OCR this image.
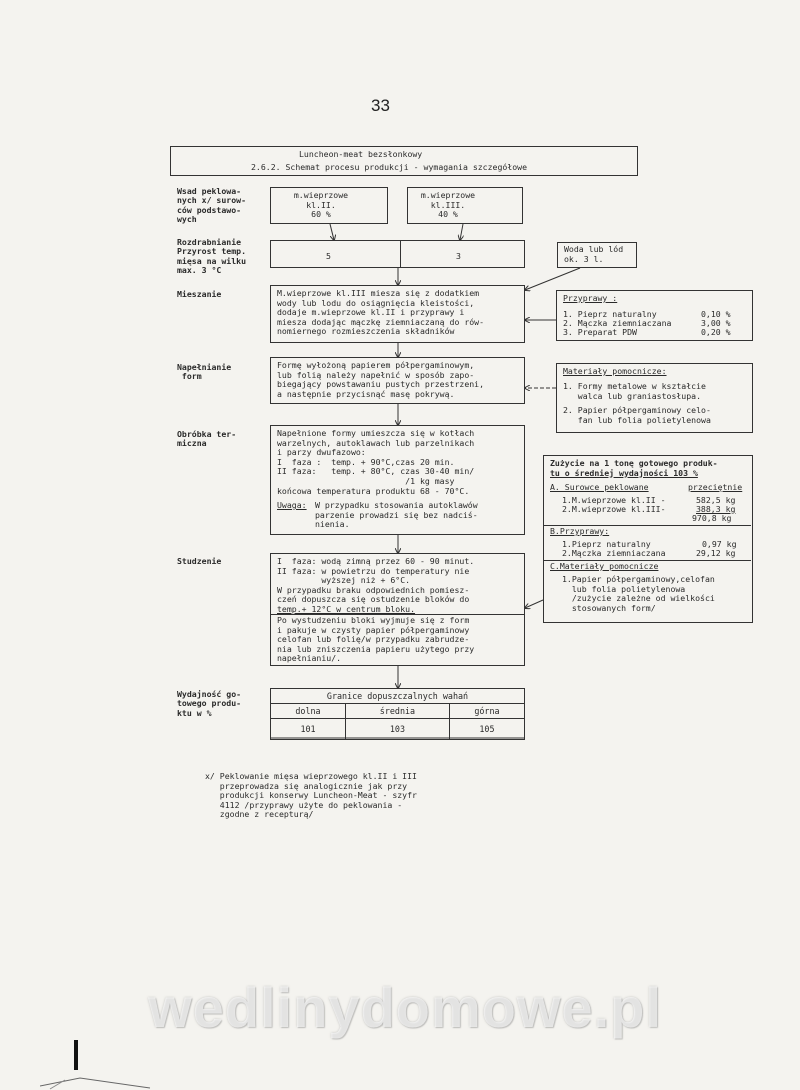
33
Luncheon-meat bezsłonkowy
2.6.2. Schemat procesu produkcji - wymagania szczegółowe
Wsad peklowa-
nych x/ surow-
ców podstawo-
wych
Rozdrabnianie
Przyrost temp.
mięsa na wilku
max. 3 °C
Mieszanie
Napełnianie
form
Obróbka ter-
miczna
Studzenie
Wydajność go-
towego produ-
ktu w %
m.wieprzowe
kl.II.
60 %
m.wieprzowe
kl.III.
40 %
5	3
Woda lub lód
ok. 3 l.
M.wieprzowe kl.III miesza się z dodatkiem
wody lub lodu do osiągnięcia kleistości,
dodaje m.wieprzowe kl.II i przyprawy i
miesza dodając mączkę ziemniaczaną do rów-
nomiernego rozmieszczenia składników
Przyprawy :
1. Pieprz naturalny	0,10 %
2. Mączka ziemniaczana	3,00 %
3. Preparat PDW	0,20 %
Formę wyłożoną papierem półpergaminowym,
lub folią należy napełnić w sposób zapo-
biegający powstawaniu pustych przestrzeni,
a następnie przycisnąć masę pokrywą.
Materiały pomocnicze:
1. Formy metalowe w kształcie
walca lub graniastosłupa.
2. Papier półpergaminowy celo-
fan lub folia polietylenowa
Napełnione formy umieszcza się w kotłach
warzelnych, autoklawach lub parzelnikach
i parzy dwufazowo:
I  faza :  temp. + 90°C,czas 20 min.
II faza:   temp. + 80°C, czas 30-40 min/
/1 kg masy
końcowa temperatura produktu 68 - 70°C.
Uwaga: W przypadku stosowania autoklawów
parzenie prowadzi się bez nadciś-
nienia.
Zużycie na 1 tonę gotowego produk-
tu o średniej wydajności 103 %
A. Surowce peklowane	przeciętnie
1.M.wieprzowe kl.II -	582,5 kg
2.M.wieprzowe kl.III-	388,3 kg
970,8 kg
B.Przyprawy:
1.Pieprz naturalny	0,97 kg
2.Mączka ziemniaczana	29,12 kg
C.Materiały pomocnicze
1.Papier półpergaminowy,celofan
lub folia polietylenowa
/zużycie zależne od wielkości
stosowanych form/
I  faza: wodą zimną przez 60 - 90 minut.
II faza: w powietrzu do temperatury nie
wyższej niż + 6°C.
W przypadku braku odpowiednich pomiesz-
czeń dopuszcza się ostudzenie bloków do
temp.+ 12°C w centrum bloku.
Po wystudzeniu bloki wyjmuje się z form
i pakuje w czysty papier półpergaminowy
celofan lub folię/w przypadku zabrudze-
nia lub zniszczenia papieru użytego przy
napełnianiu/.
Granice dopuszczalnych wahań		
dolna	średnia	górna
101	103	105
x/ Peklowanie mięsa wieprzowego kl.II i III
przeprowadza się analogicznie jak przy
produkcji konserwy Luncheon-Meat - szyfr
4112 /przyprawy użyte do peklowania -
zgodne z recepturą/
wedlinydomowe.pl
